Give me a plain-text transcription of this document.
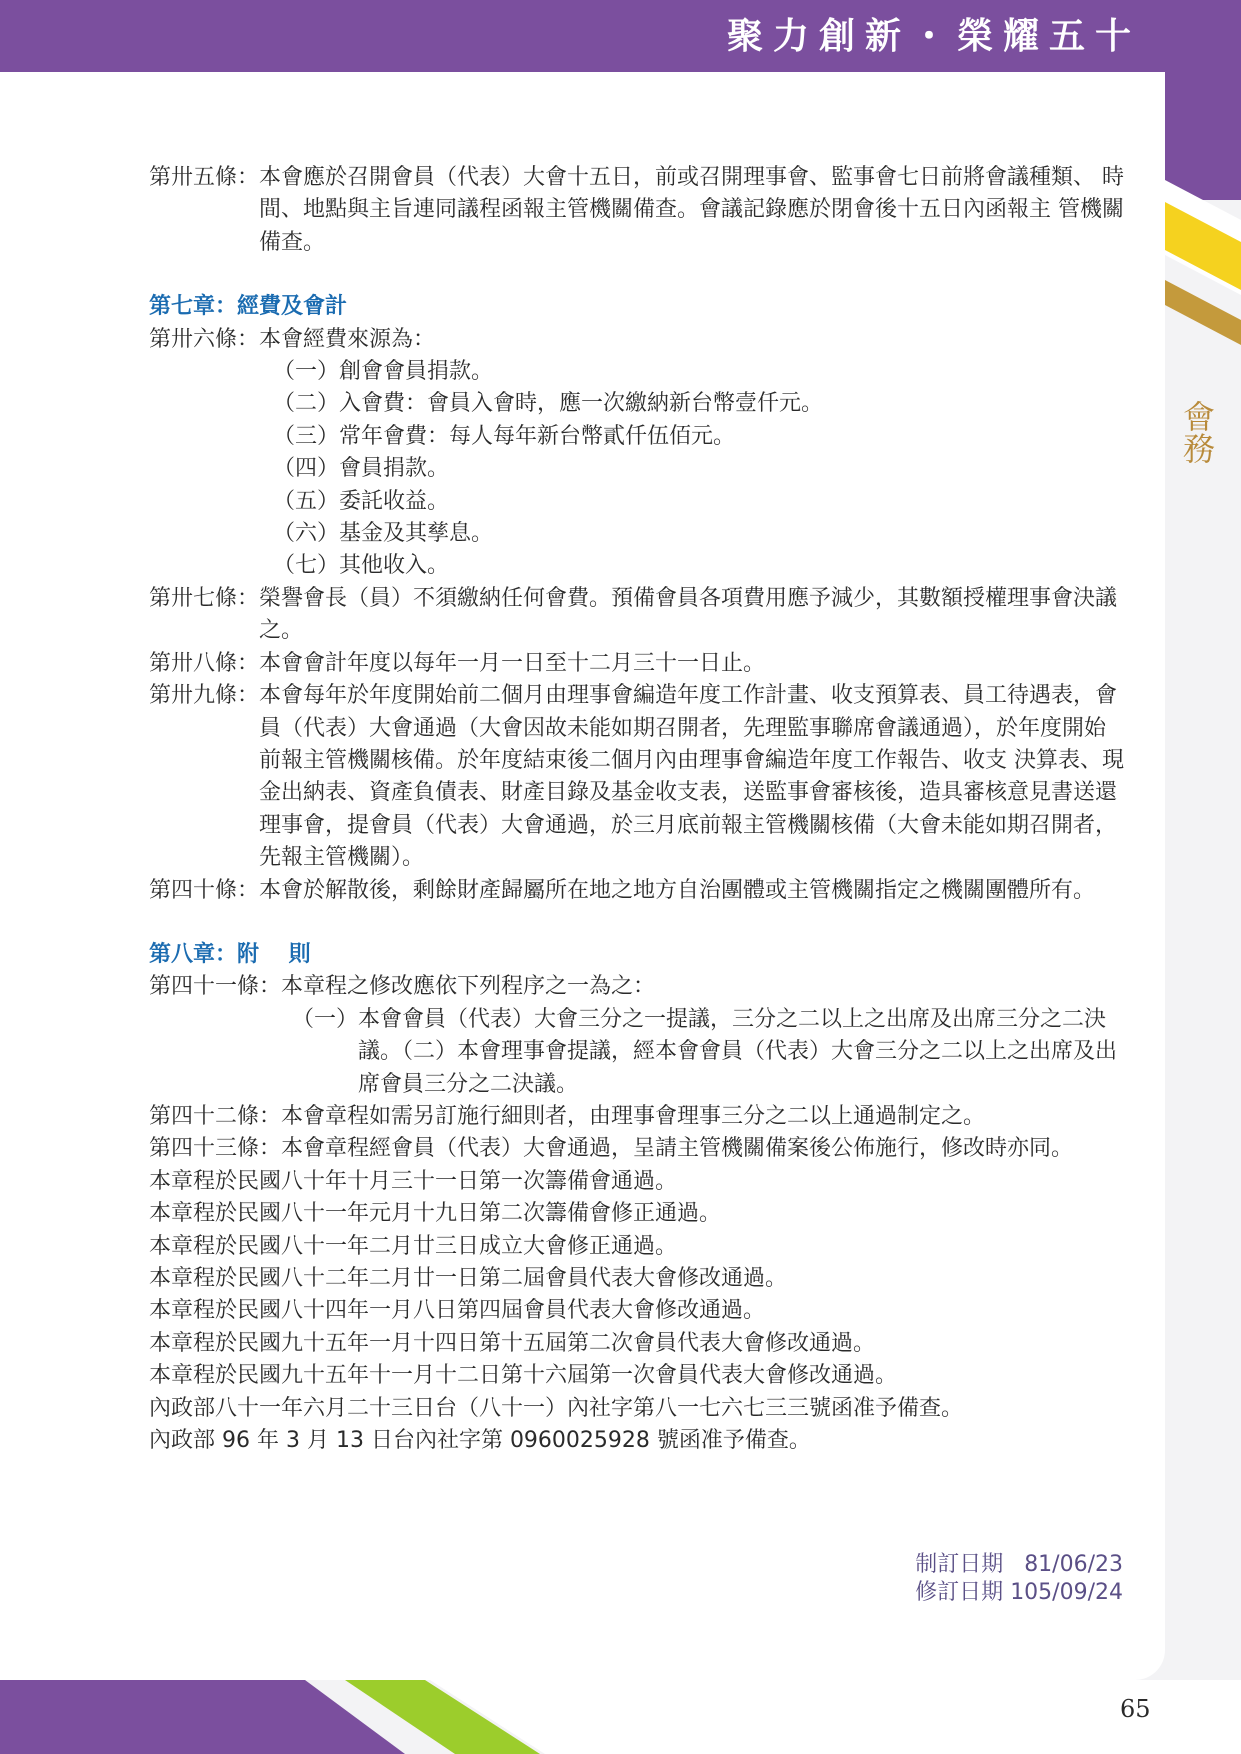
聚力創新・榮耀五十
會務
第卅五條： 本會應於召開會員（代表）大會十五日，前或召開理事會、監事會七日前將會議種類、 時間、地點與主旨連同議程函報主管機關備查。會議記錄應於閉會後十五日內函報主 管機關備查。
第七章：經費及會計
第卅六條： 本會經費來源為：
（一）創會會員捐款。
（二）入會費：會員入會時，應一次繳納新台幣壹仟元。
（三）常年會費：每人每年新台幣貳仟伍佰元。
（四）會員捐款。
（五）委託收益。
（六）基金及其孳息。
（七）其他收入。
第卅七條： 榮譽會長（員）不須繳納任何會費。預備會員各項費用應予減少，其數額授權理事會決議之。
第卅八條： 本會會計年度以每年一月一日至十二月三十一日止。
第卅九條： 本會每年於年度開始前二個月由理事會編造年度工作計畫、收支預算表、員工待遇表，會員（代表）大會通過（大會因故未能如期召開者，先理監事聯席會議通過），於年度開始前報主管機關核備。於年度結束後二個月內由理事會編造年度工作報告、收支 決算表、現金出納表、資產負債表、財產目錄及基金收支表，送監事會審核後，造具審核意見書送還理事會，提會員（代表）大會通過，於三月底前報主管機關核備（大會未能如期召開者，先報主管機關）。
第四十條： 本會於解散後，剩餘財產歸屬所在地之地方自治團體或主管機關指定之機關團體所有。
第八章：附　 則
第四十一條： 本章程之修改應依下列程序之一為之：
（一） 本會會員（代表）大會三分之一提議，三分之二以上之出席及出席三分之二決議。（二）本會理事會提議，經本會會員（代表）大會三分之二以上之出席及出席會員三分之二決議。
第四十二條： 本會章程如需另訂施行細則者，由理事會理事三分之二以上通過制定之。
第四十三條： 本會章程經會員（代表）大會通過，呈請主管機關備案後公佈施行，修改時亦同。
本章程於民國八十年十月三十一日第一次籌備會通過。
本章程於民國八十一年元月十九日第二次籌備會修正通過。
本章程於民國八十一年二月廿三日成立大會修正通過。
本章程於民國八十二年二月廿一日第二屆會員代表大會修改通過。
本章程於民國八十四年一月八日第四屆會員代表大會修改通過。
本章程於民國九十五年一月十四日第十五屆第二次會員代表大會修改通過。
本章程於民國九十五年十一月十二日第十六屆第一次會員代表大會修改通過。
內政部八十一年六月二十三日台（八十一）內社字第八一七六七三三號函准予備查。
內政部 96 年 3 月 13 日台內社字第 0960025928 號函准予備查。
制訂日期 81/06/23
修訂日期 105/09/24
65
